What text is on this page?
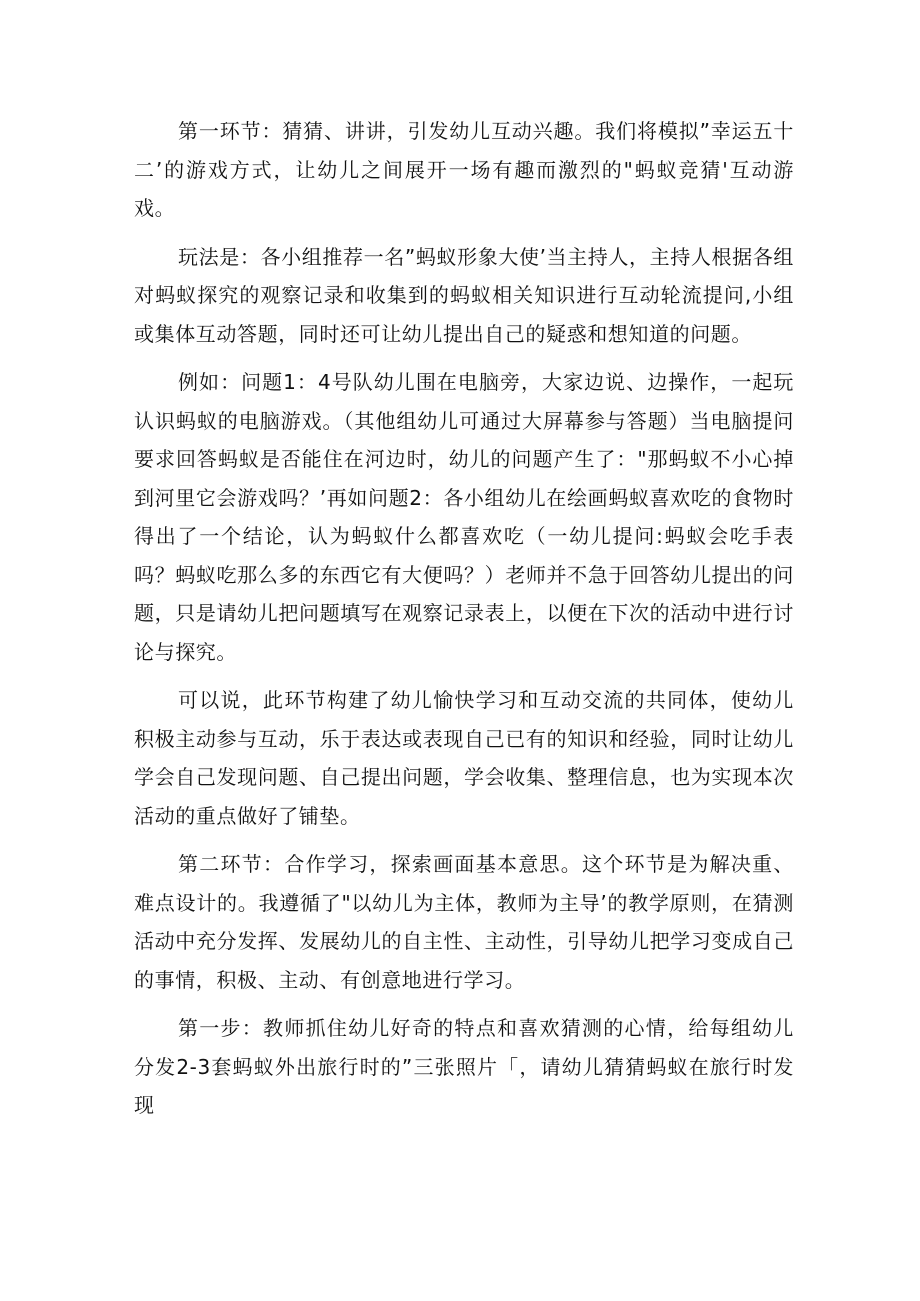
第一环节：猜猜、讲讲，引发幼儿互动兴趣。我们将模拟”幸运五十二’的游戏方式，让幼儿之间展开一场有趣而激烈的"蚂蚁竞猜'互动游戏。

玩法是：各小组推荐一名”蚂蚁形象大使’当主持人，主持人根据各组对蚂蚁探究的观察记录和收集到的蚂蚁相关知识进行互动轮流提问,小组或集体互动答题，同时还可让幼儿提出自己的疑惑和想知道的问题。

例如：问题1：4号队幼儿围在电脑旁，大家边说、边操作，一起玩认识蚂蚁的电脑游戏。（其他组幼儿可通过大屏幕参与答题）当电脑提问要求回答蚂蚁是否能住在河边时，幼儿的问题产生了："那蚂蚁不小心掉到河里它会游戏吗？’再如问题2：各小组幼儿在绘画蚂蚁喜欢吃的食物时得出了一个结论，认为蚂蚁什么都喜欢吃（一幼儿提问:蚂蚁会吃手表吗？蚂蚁吃那么多的东西它有大便吗？）老师并不急于回答幼儿提出的问题，只是请幼儿把问题填写在观察记录表上，以便在下次的活动中进行讨论与探究。

可以说，此环节构建了幼儿愉快学习和互动交流的共同体，使幼儿积极主动参与互动，乐于表达或表现自己已有的知识和经验，同时让幼儿学会自己发现问题、自己提出问题，学会收集、整理信息，也为实现本次活动的重点做好了铺垫。

第二环节：合作学习，探索画面基本意思。这个环节是为解决重、难点设计的。我遵循了"以幼儿为主体，教师为主导’的教学原则，在猜测活动中充分发挥、发展幼儿的自主性、主动性，引导幼儿把学习变成自己的事情，积极、主动、有创意地进行学习。

第一步：教师抓住幼儿好奇的特点和喜欢猜测的心情，给每组幼儿分发2-3套蚂蚁外出旅行时的”三张照片「，请幼儿猜猜蚂蚁在旅行时发现
